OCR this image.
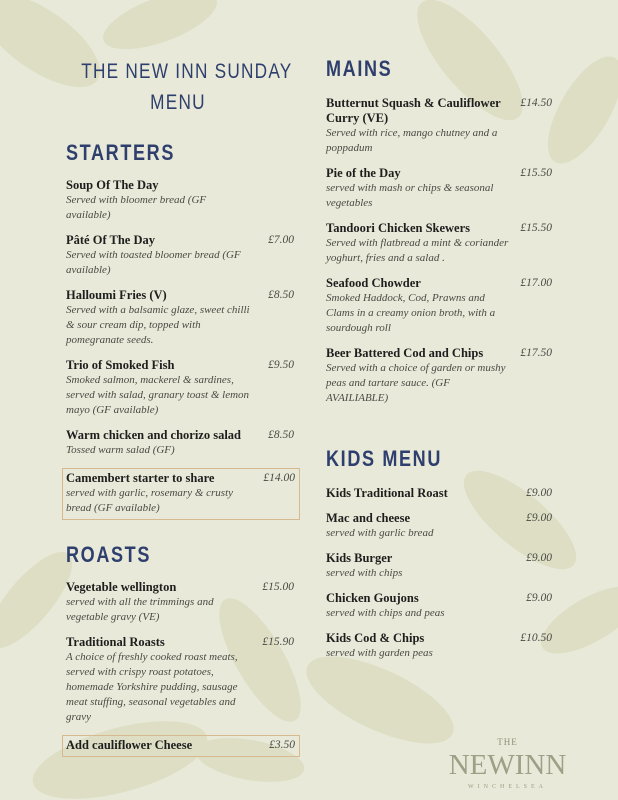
THE NEW INN SUNDAY

MENU

STARTERS
Soup Of The Day
Served with bloomer bread (GF available)
Pâté Of The Day
Served with toasted bloomer bread (GF available)
£7.00
Halloumi Fries (V)
Served with a balsamic glaze, sweet chilli & sour cream dip, topped with pomegranate seeds.
£8.50
Trio of Smoked Fish
Smoked salmon, mackerel & sardines, served with salad, granary toast & lemon mayo (GF available)
£9.50
Warm chicken and chorizo salad
Tossed warm salad (GF)
£8.50
Camembert starter to share
served with garlic, rosemary & crusty bread (GF available)
£14.00
ROASTS
Vegetable wellington
served with all the trimmings and vegetable gravy (VE)
£15.00
Traditional Roasts
A choice of freshly cooked roast meats, served with crispy roast potatoes, homemade Yorkshire pudding, sausage meat stuffing, seasonal vegetables and gravy
£15.90
Add cauliflower Cheese	£3.50
MAINS
Butternut Squash & Cauliflower Curry (VE)
Served with rice, mango chutney and a poppadum
£14.50
Pie of the Day
served with mash or chips & seasonal vegetables
£15.50
Tandoori Chicken Skewers
Served with flatbread a mint & coriander yoghurt, fries and a salad .
£15.50
Seafood Chowder
Smoked Haddock, Cod, Prawns and Clams in a creamy onion broth, with a sourdough roll
£17.00
Beer Battered Cod and Chips
Served with a choice of garden or mushy peas and tartare sauce. (GF AVAILIABLE)
£17.50
KIDS MENU
Kids Traditional Roast	£9.00
Mac and cheese
served with garlic bread
£9.00
Kids Burger
served with chips
£9.00
Chicken Goujons
served with chips and peas
£9.00
Kids Cod & Chips
served with garden peas
£10.50
THE
NEWINN
WINCHELSEA
